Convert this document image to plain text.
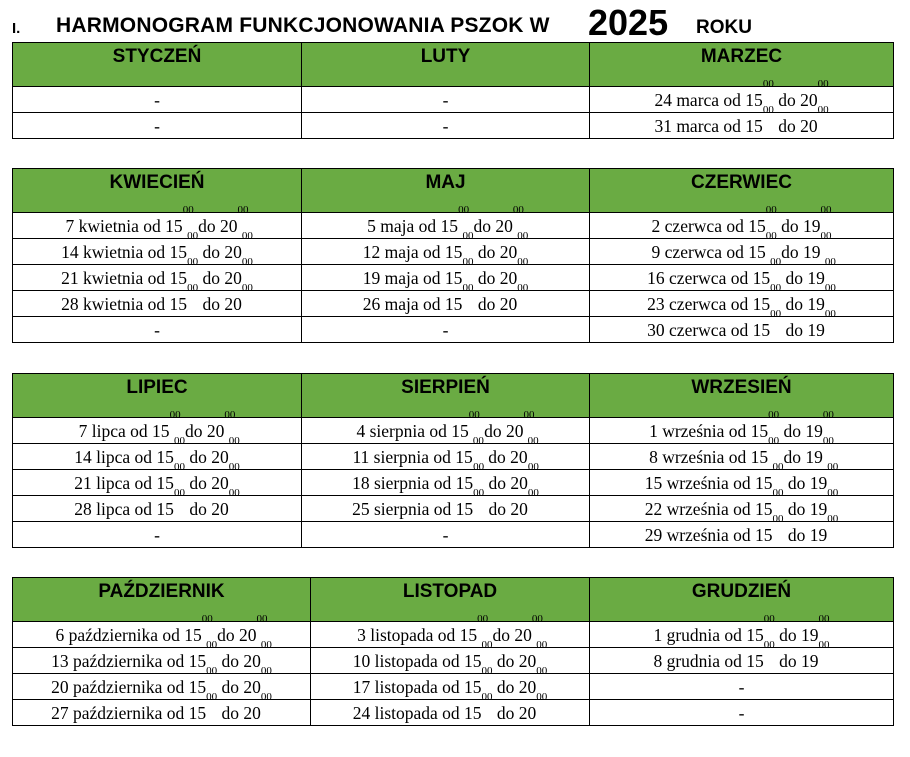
I. HARMONOGRAM FUNKCJONOWANIA PSZOK W 2025 ROKU
STYCZEŃ	LUTY	MARZEC
-	-	24 marca od $15^{00}$ do $20^{00}$
-	-	31 marca od $15^{00}$ do $20^{00}$
KWIECIEŃ	MAJ	CZERWIEC
7 kwietnia od $15^{00}$ do $20^{00}$	5 maja od $15^{00}$ do $20^{00}$	2 czerwca od $15^{00}$ do $19^{00}$
14 kwietnia od $15^{00}$ do $20^{00}$	12 maja od $15^{00}$ do $20^{00}$	9 czerwca od $15^{00}$ do $19^{00}$
21 kwietnia od $15^{00}$ do $20^{00}$	19 maja od $15^{00}$ do $20^{00}$	16 czerwca od $15^{00}$ do $19^{00}$
28 kwietnia od $15^{00}$ do $20^{00}$	26 maja od $15^{00}$ do $20^{00}$	23 czerwca od $15^{00}$ do $19^{00}$
-	-	30 czerwca od $15^{00}$ do $19^{00}$
LIPIEC	SIERPIEŃ	WRZESIEŃ
7 lipca od $15^{00}$ do $20^{00}$	4 sierpnia od $15^{00}$ do $20^{00}$	1 września od $15^{00}$ do $19^{00}$
14 lipca od $15^{00}$ do $20^{00}$	11 sierpnia od $15^{00}$ do $20^{00}$	8 września od $15^{00}$ do $19^{00}$
21 lipca od $15^{00}$ do $20^{00}$	18 sierpnia od $15^{00}$ do $20^{00}$	15 września od $15^{00}$ do $19^{00}$
28 lipca od $15^{00}$ do $20^{00}$	25 sierpnia od $15^{00}$ do $20^{00}$	22 września od $15^{00}$ do $19^{00}$
-	-	29 września od $15^{00}$ do $19^{00}$
PAŹDZIERNIK	LISTOPAD	GRUDZIEŃ
6 października od $15^{00}$ do $20^{00}$	3 listopada od $15^{00}$ do $20^{00}$	1 grudnia od $15^{00}$ do $19^{00}$
13 października od $15^{00}$ do $20^{00}$	10 listopada od $15^{00}$ do $20^{00}$	8 grudnia od $15^{00}$ do $19^{00}$
20 października od $15^{00}$ do $20^{00}$	17 listopada od $15^{00}$ do $20^{00}$	-
27 października od $15^{00}$ do $20^{00}$	24 listopada od $15^{00}$ do $20^{00}$	-
